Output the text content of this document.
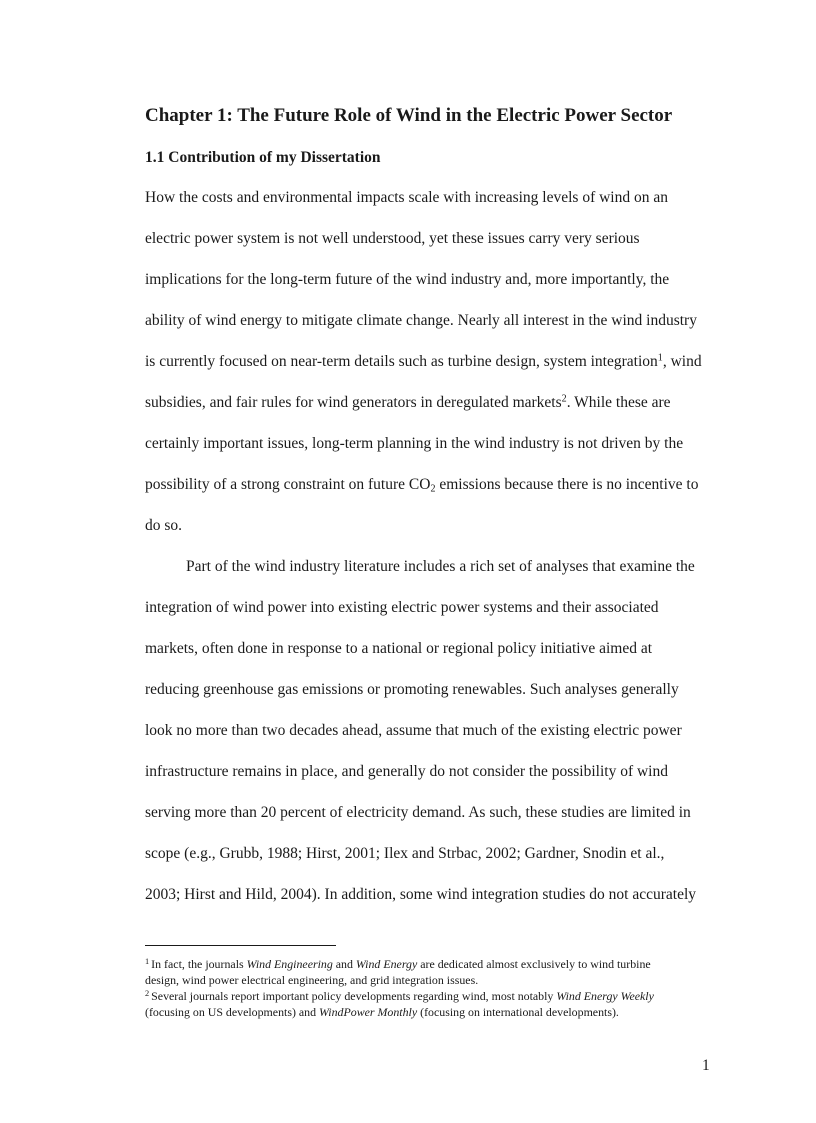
Chapter 1: The Future Role of Wind in the Electric Power Sector
1.1 Contribution of my Dissertation
How the costs and environmental impacts scale with increasing levels of wind on an
electric power system is not well understood, yet these issues carry very serious
implications for the long-term future of the wind industry and, more importantly, the
ability of wind energy to mitigate climate change. Nearly all interest in the wind industry
is currently focused on near-term details such as turbine design, system integration$^1$, wind
subsidies, and fair rules for wind generators in deregulated markets$^2$. While these are
certainly important issues, long-term planning in the wind industry is not driven by the
possibility of a strong constraint on future $CO_2$ emissions because there is no incentive to
do so.
Part of the wind industry literature includes a rich set of analyses that examine the
integration of wind power into existing electric power systems and their associated
markets, often done in response to a national or regional policy initiative aimed at
reducing greenhouse gas emissions or promoting renewables. Such analyses generally
look no more than two decades ahead, assume that much of the existing electric power
infrastructure remains in place, and generally do not consider the possibility of wind
serving more than 20 percent of electricity demand. As such, these studies are limited in
scope (e.g., Grubb, 1988; Hirst, 2001; Ilex and Strbac, 2002; Gardner, Snodin et al.,
2003; Hirst and Hild, 2004). In addition, some wind integration studies do not accurately
$^1$ In fact, the journals Wind Engineering and Wind Energy are dedicated almost exclusively to wind turbine
design, wind power electrical engineering, and grid integration issues.
$^2$ Several journals report important policy developments regarding wind, most notably Wind Energy Weekly
(focusing on US developments) and WindPower Monthly (focusing on international developments).
1
